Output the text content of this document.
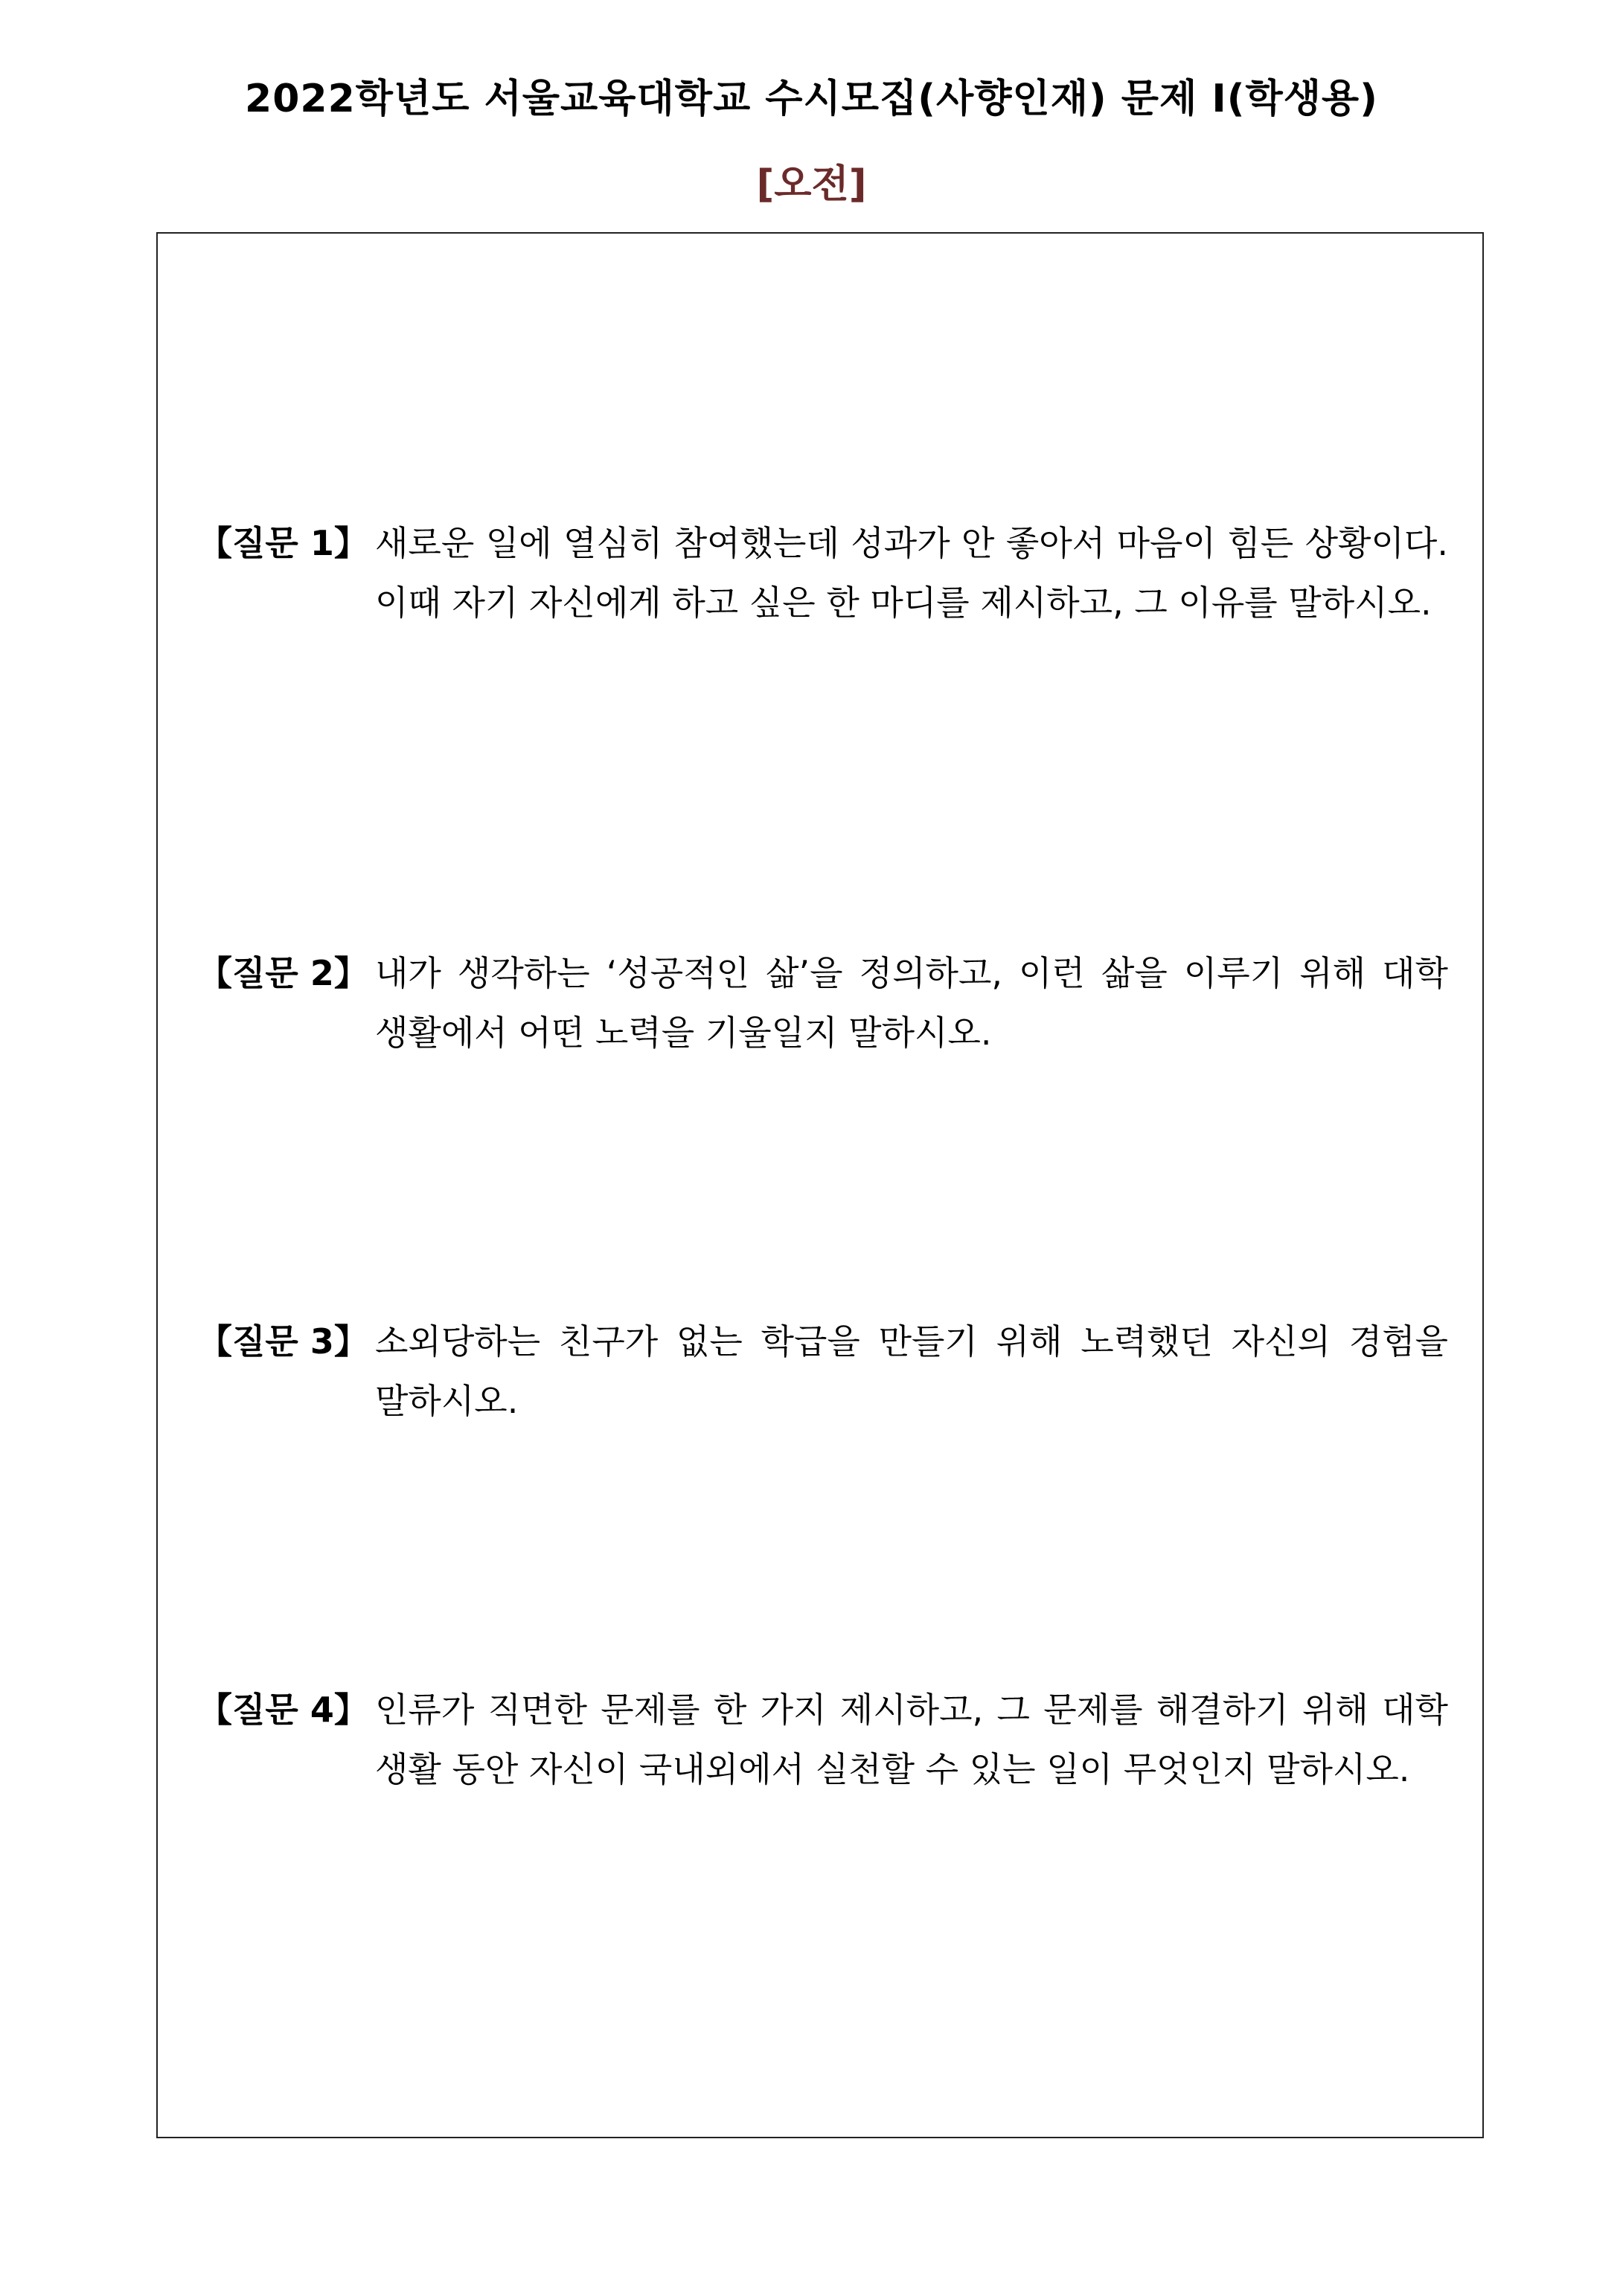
2022학년도 서울교육대학교 수시모집(사향인재) 문제 I(학생용)
[오전]
【질문 1】 새로운 일에 열심히 참여했는데 성과가 안 좋아서 마음이 힘든 상황이다. 이때 자기 자신에게 하고 싶은 한 마디를 제시하고, 그 이유를 말하시오.
【질문 2】 내가 생각하는 ‘성공적인 삶’을 정의하고, 이런 삶을 이루기 위해 대학 생활에서 어떤 노력을 기울일지 말하시오.
【질문 3】 소외당하는 친구가 없는 학급을 만들기 위해 노력했던 자신의 경험을 말하시오.
【질문 4】 인류가 직면한 문제를 한 가지 제시하고, 그 문제를 해결하기 위해 대학 생활 동안 자신이 국내외에서 실천할 수 있는 일이 무엇인지 말하시오.
